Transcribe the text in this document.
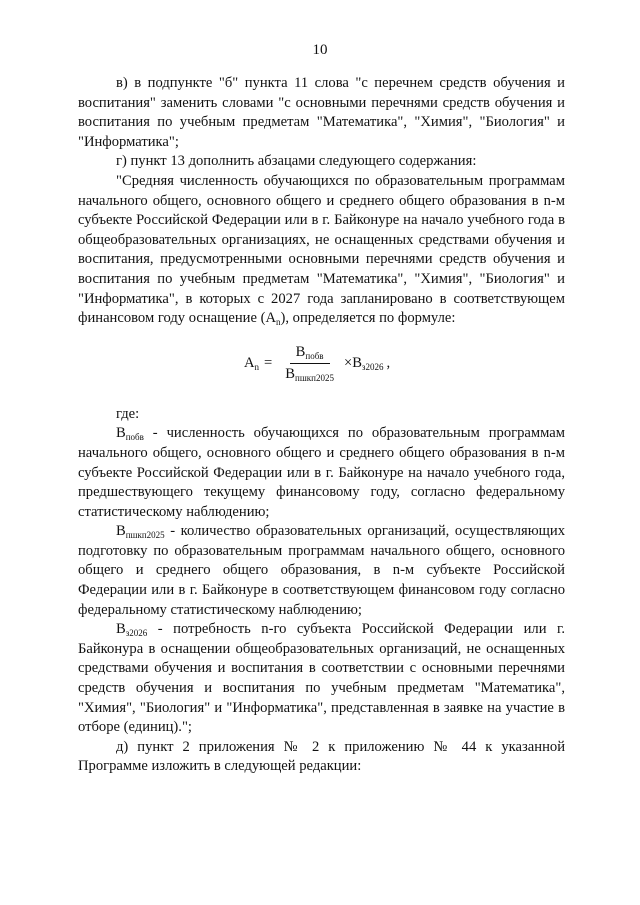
10

в) в подпункте "б" пункта 11 слова "с перечнем средств обучения и воспитания" заменить словами "с основными перечнями средств обучения и воспитания по учебным предметам "Математика", "Химия", "Биология" и "Информатика";

г) пункт 13 дополнить абзацами следующего содержания:

"Средняя численность обучающихся по образовательным программам начального общего, основного общего и среднего общего образования в n-м субъекте Российской Федерации или в г. Байконуре на начало учебного года в общеобразовательных организациях, не оснащенных средствами обучения и воспитания, предусмотренными основными перечнями средств обучения и воспитания по учебным предметам "Математика", "Химия", "Биология" и "Информатика", в которых с 2027 года запланировано в соответствующем финансовом году оснащение $(A_n)$, определяется по формуле:

$A_n = \frac{B_{побв}}{B_{пшкп2025}} \times B_{з2026}$ ,

где:

$B_{побв}$ - численность обучающихся по образовательным программам начального общего, основного общего и среднего общего образования в n-м субъекте Российской Федерации или в г. Байконуре на начало учебного года, предшествующего текущему финансовому году, согласно федеральному статистическому наблюдению;

$B_{пшкп2025}$ - количество образовательных организаций, осуществляющих подготовку по образовательным программам начального общего, основного общего и среднего общего образования, в n-м субъекте Российской Федерации или в г. Байконуре в соответствующем финансовом году согласно федеральному статистическому наблюдению;

$B_{з2026}$ - потребность n-го субъекта Российской Федерации или г. Байконура в оснащении общеобразовательных организаций, не оснащенных средствами обучения и воспитания в соответствии с основными перечнями средств обучения и воспитания по учебным предметам "Математика", "Химия", "Биология" и "Информатика", представленная в заявке на участие в отборе (единиц).";

д) пункт 2 приложения № 2 к приложению № 44 к указанной Программе изложить в следующей редакции:
